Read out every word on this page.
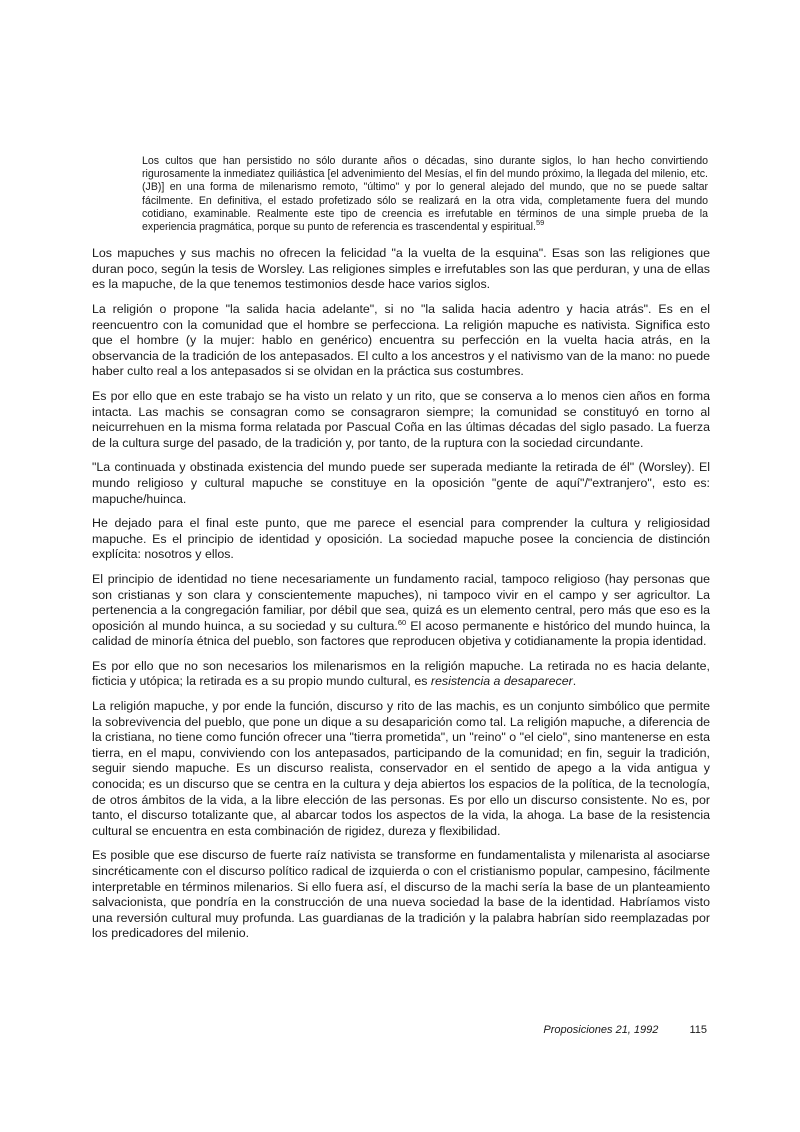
Los cultos que han persistido no sólo durante años o décadas, sino durante siglos, lo han hecho convirtiendo rigurosamente la inmediatez quiliástica [el advenimiento del Mesías, el fin del mundo próximo, la llegada del milenio, etc. (JB)] en una forma de milenarismo remoto, "último" y por lo general alejado del mundo, que no se puede saltar fácilmente. En definitiva, el estado profetizado sólo se realizará en la otra vida, completamente fuera del mundo cotidiano, examinable. Realmente este tipo de creencia es irrefutable en términos de una simple prueba de la experiencia pragmática, porque su punto de referencia es trascendental y espiritual.$^{59}$

Los mapuches y sus machis no ofrecen la felicidad "a la vuelta de la esquina". Esas son las religiones que duran poco, según la tesis de Worsley. Las religiones simples e irrefutables son las que perduran, y una de ellas es la mapuche, de la que tenemos testimonios desde hace varios siglos.

La religión o propone "la salida hacia adelante", si no "la salida hacia adentro y hacia atrás". Es en el reencuentro con la comunidad que el hombre se perfecciona. La religión mapuche es nativista. Significa esto que el hombre (y la mujer: hablo en genérico) encuentra su perfección en la vuelta hacia atrás, en la observancia de la tradición de los antepasados. El culto a los ancestros y el nativismo van de la mano: no puede haber culto real a los antepasados si se olvidan en la práctica sus costumbres.

Es por ello que en este trabajo se ha visto un relato y un rito, que se conserva a lo menos cien años en forma intacta. Las machis se consagran como se consagraron siempre; la comunidad se constituyó en torno al neicurrehuen en la misma forma relatada por Pascual Coña en las últimas décadas del siglo pasado. La fuerza de la cultura surge del pasado, de la tradición y, por tanto, de la ruptura con la sociedad circundante.

"La continuada y obstinada existencia del mundo puede ser superada mediante la retirada de él" (Worsley). El mundo religioso y cultural mapuche se constituye en la oposición "gente de aquí"/"extranjero", esto es: mapuche/huinca.

He dejado para el final este punto, que me parece el esencial para comprender la cultura y religiosidad mapuche. Es el principio de identidad y oposición. La sociedad mapuche posee la conciencia de distinción explícita: nosotros y ellos.

El principio de identidad no tiene necesariamente un fundamento racial, tampoco religioso (hay personas que son cristianas y son clara y conscientemente mapuches), ni tampoco vivir en el campo y ser agricultor. La pertenencia a la congregación familiar, por débil que sea, quizá es un elemento central, pero más que eso es la oposición al mundo huinca, a su sociedad y su cultura.$^{60}$ El acoso permanente e histórico del mundo huinca, la calidad de minoría étnica del pueblo, son factores que reproducen objetiva y cotidianamente la propia identidad.

Es por ello que no son necesarios los milenarismos en la religión mapuche. La retirada no es hacia delante, ficticia y utópica; la retirada es a su propio mundo cultural, es resistencia a desaparecer.

La religión mapuche, y por ende la función, discurso y rito de las machis, es un conjunto simbólico que permite la sobrevivencia del pueblo, que pone un dique a su desaparición como tal. La religión mapuche, a diferencia de la cristiana, no tiene como función ofrecer una "tierra prometida", un "reino" o "el cielo", sino mantenerse en esta tierra, en el mapu, conviviendo con los antepasados, participando de la comunidad; en fin, seguir la tradición, seguir siendo mapuche. Es un discurso realista, conservador en el sentido de apego a la vida antigua y conocida; es un discurso que se centra en la cultura y deja abiertos los espacios de la política, de la tecnología, de otros ámbitos de la vida, a la libre elección de las personas. Es por ello un discurso consistente. No es, por tanto, el discurso totalizante que, al abarcar todos los aspectos de la vida, la ahoga. La base de la resistencia cultural se encuentra en esta combinación de rigidez, dureza y flexibilidad.

Es posible que ese discurso de fuerte raíz nativista se transforme en fundamentalista y milenarista al asociarse sincréticamente con el discurso político radical de izquierda o con el cristianismo popular, campesino, fácilmente interpretable en términos milenarios. Si ello fuera así, el discurso de la machi sería la base de un planteamiento salvacionista, que pondría en la construcción de una nueva sociedad la base de la identidad. Habríamos visto una reversión cultural muy profunda. Las guardianas de la tradición y la palabra habrían sido reemplazadas por los predicadores del milenio.

Proposiciones 21, 1992	115
